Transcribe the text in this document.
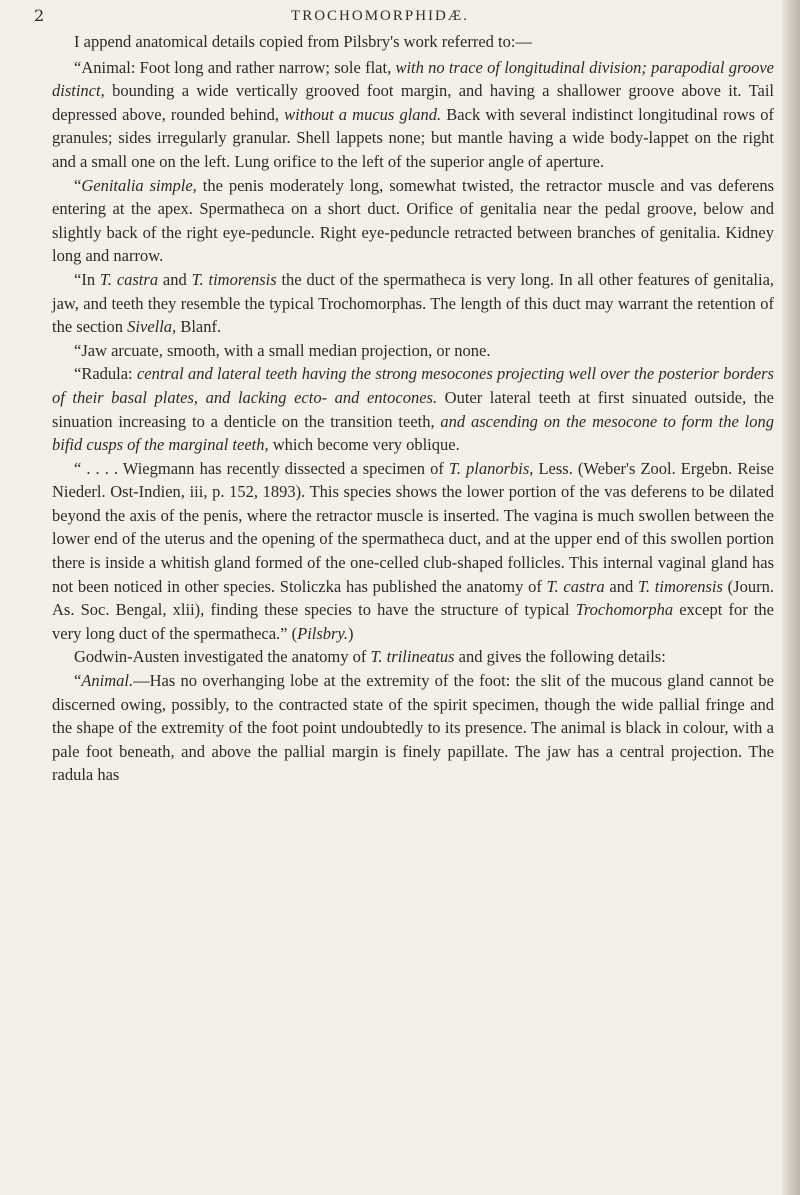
2	TROCHOMORPHIDÆ.

I append anatomical details copied from Pilsbry's work referred to:—

“Animal: Foot long and rather narrow; sole flat, with no trace of longitudinal division; parapodial groove distinct, bounding a wide vertically grooved foot margin, and having a shallower groove above it. Tail depressed above, rounded behind, without a mucus gland. Back with several indistinct longitudinal rows of granules; sides irregularly granular. Shell lappets none; but mantle having a wide body-lappet on the right and a small one on the left. Lung orifice to the left of the superior angle of aperture.

“Genitalia simple, the penis moderately long, somewhat twisted, the retractor muscle and vas deferens entering at the apex. Spermatheca on a short duct. Orifice of genitalia near the pedal groove, below and slightly back of the right eye-peduncle. Right eye-peduncle retracted between branches of genitalia. Kidney long and narrow.

“In T. castra and T. timorensis the duct of the spermatheca is very long. In all other features of genitalia, jaw, and teeth they resemble the typical Trochomorphas. The length of this duct may warrant the retention of the section Sivella, Blanf.

“Jaw arcuate, smooth, with a small median projection, or none.

“Radula: central and lateral teeth having the strong mesocones projecting well over the posterior borders of their basal plates, and lacking ecto- and entocones. Outer lateral teeth at first sinuated outside, the sinuation increasing to a denticle on the transition teeth, and ascending on the mesocone to form the long bifid cusps of the marginal teeth, which become very oblique.

“ . . . . Wiegmann has recently dissected a specimen of T. planorbis, Less. (Weber's Zool. Ergebn. Reise Niederl. Ost-Indien, iii, p. 152, 1893). This species shows the lower portion of the vas deferens to be dilated beyond the axis of the penis, where the retractor muscle is inserted. The vagina is much swollen between the lower end of the uterus and the opening of the spermatheca duct, and at the upper end of this swollen portion there is inside a whitish gland formed of the one-celled club-shaped follicles. This internal vaginal gland has not been noticed in other species. Stoliczka has published the anatomy of T. castra and T. timorensis (Journ. As. Soc. Bengal, xlii), finding these species to have the structure of typical Trochomorpha except for the very long duct of the spermatheca.” (Pilsbry.)

Godwin-Austen investigated the anatomy of T. trilineatus and gives the following details:

“Animal.—Has no overhanging lobe at the extremity of the foot: the slit of the mucous gland cannot be discerned owing, possibly, to the contracted state of the spirit specimen, though the wide pallial fringe and the shape of the extremity of the foot point undoubtedly to its presence. The animal is black in colour, with a pale foot beneath, and above the pallial margin is finely papillate. The jaw has a central projection. The radula has
